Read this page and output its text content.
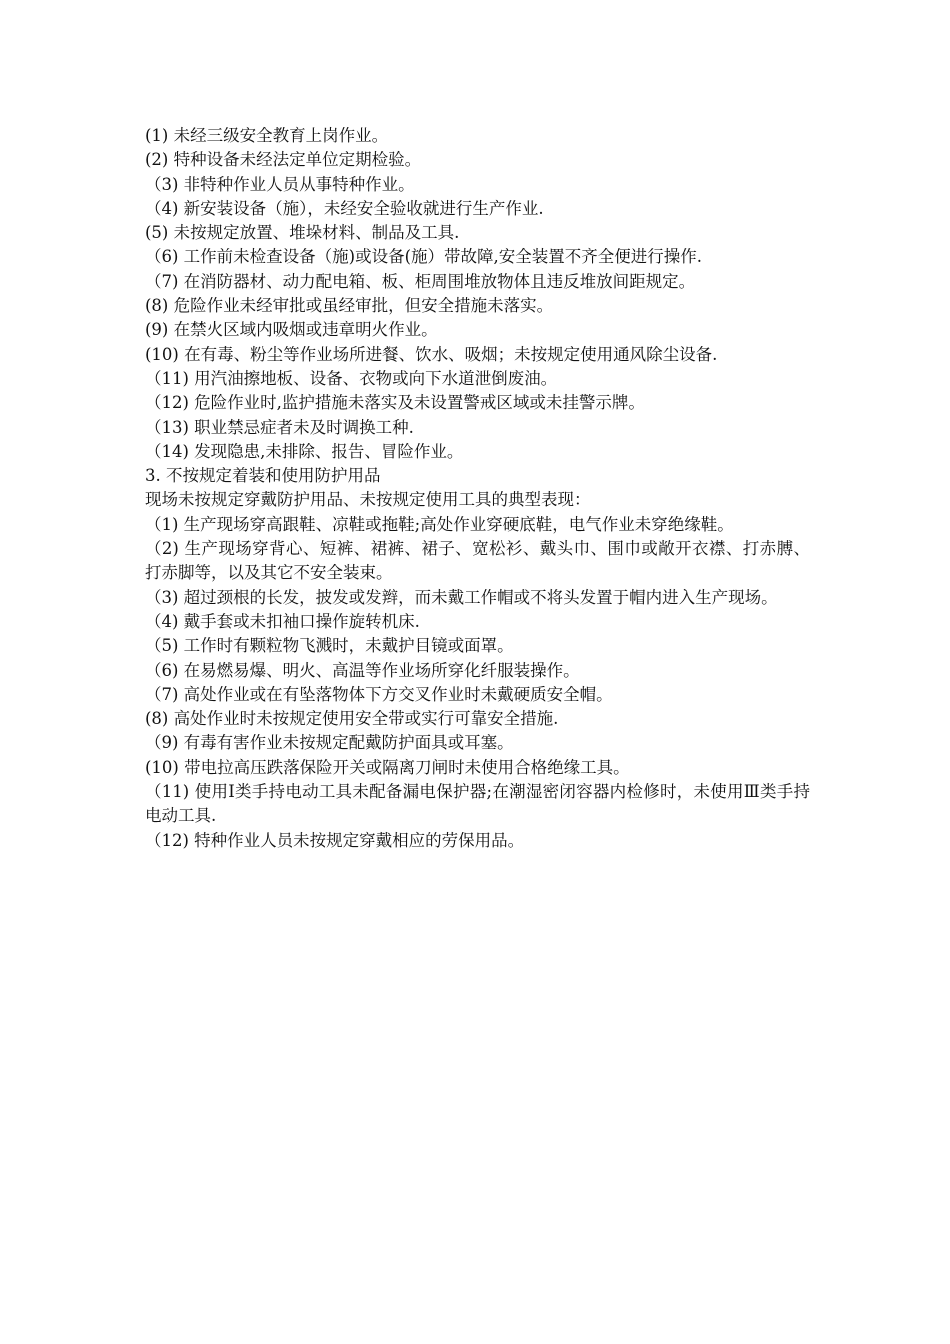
(1) 未经三级安全教育上岗作业。

(2) 特种设备未经法定单位定期检验。

（3) 非特种作业人员从事特种作业。

（4) 新安装设备（施），未经安全验收就进行生产作业.

(5) 未按规定放置、堆垛材料、制品及工具.

（6) 工作前未检查设备（施)或设备(施）带故障,安全装置不齐全便进行操作.

（7) 在消防器材、动力配电箱、板、柜周围堆放物体且违反堆放间距规定。

(8) 危险作业未经审批或虽经审批，但安全措施未落实。

(9) 在禁火区域内吸烟或违章明火作业。

(10) 在有毒、粉尘等作业场所进餐、饮水、吸烟；未按规定使用通风除尘设备.

（11) 用汽油擦地板、设备、衣物或向下水道泄倒废油。

（12) 危险作业时,监护措施未落实及未设置警戒区域或未挂警示牌。

（13) 职业禁忌症者未及时调换工种.

（14) 发现隐患,未排除、报告、冒险作业。

3. 不按规定着装和使用防护用品

现场未按规定穿戴防护用品、未按规定使用工具的典型表现：

（1) 生产现场穿高跟鞋、凉鞋或拖鞋;高处作业穿硬底鞋，电气作业未穿绝缘鞋。

（2) 生产现场穿背心、短裤、裙裤、裙子、宽松衫、戴头巾、围巾或敞开衣襟、打赤膊、打赤脚等，以及其它不安全装束。

（3) 超过颈根的长发，披发或发辫，而未戴工作帽或不将头发置于帽内进入生产现场。

（4) 戴手套或未扣袖口操作旋转机床.

（5) 工作时有颗粒物飞溅时，未戴护目镜或面罩。

（6) 在易燃易爆、明火、高温等作业场所穿化纤服装操作。

（7) 高处作业或在有坠落物体下方交叉作业时未戴硬质安全帽。

(8) 高处作业时未按规定使用安全带或实行可靠安全措施.

（9) 有毒有害作业未按规定配戴防护面具或耳塞。

(10) 带电拉高压跌落保险开关或隔离刀闸时未使用合格绝缘工具。

（11) 使用Ⅰ类手持电动工具未配备漏电保护器;在潮湿密闭容器内检修时，未使用Ⅲ类手持电动工具.

（12) 特种作业人员未按规定穿戴相应的劳保用品。
